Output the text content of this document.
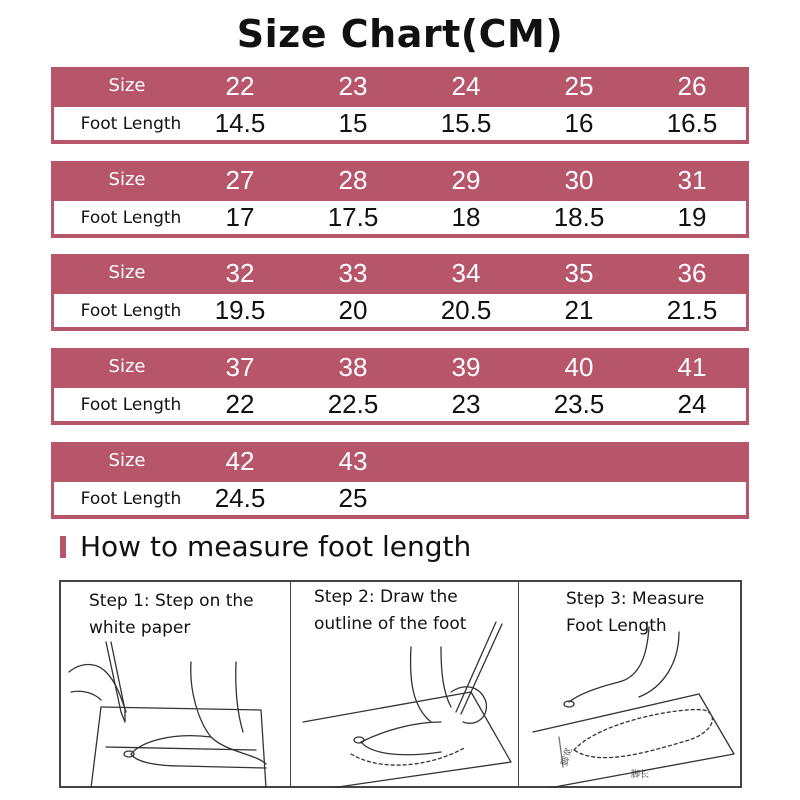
Size Chart(CM)
Size	22	23	24	25	26
Foot Length	14.5	15	15.5	16	16.5
Size	27	28	29	30	31
Foot Length	17	17.5	18	18.5	19
Size	32	33	34	35	36
Foot Length	19.5	20	20.5	21	21.5
Size	37	38	39	40	41
Foot Length	22	22.5	23	23.5	24
Size	42	43
Foot Length	24.5	25
How to measure foot length
Step 1: Step on the
white paper
Step 2: Draw the
outline of the foot
Step 3: Measure
Foot Length
脚宽
脚长
